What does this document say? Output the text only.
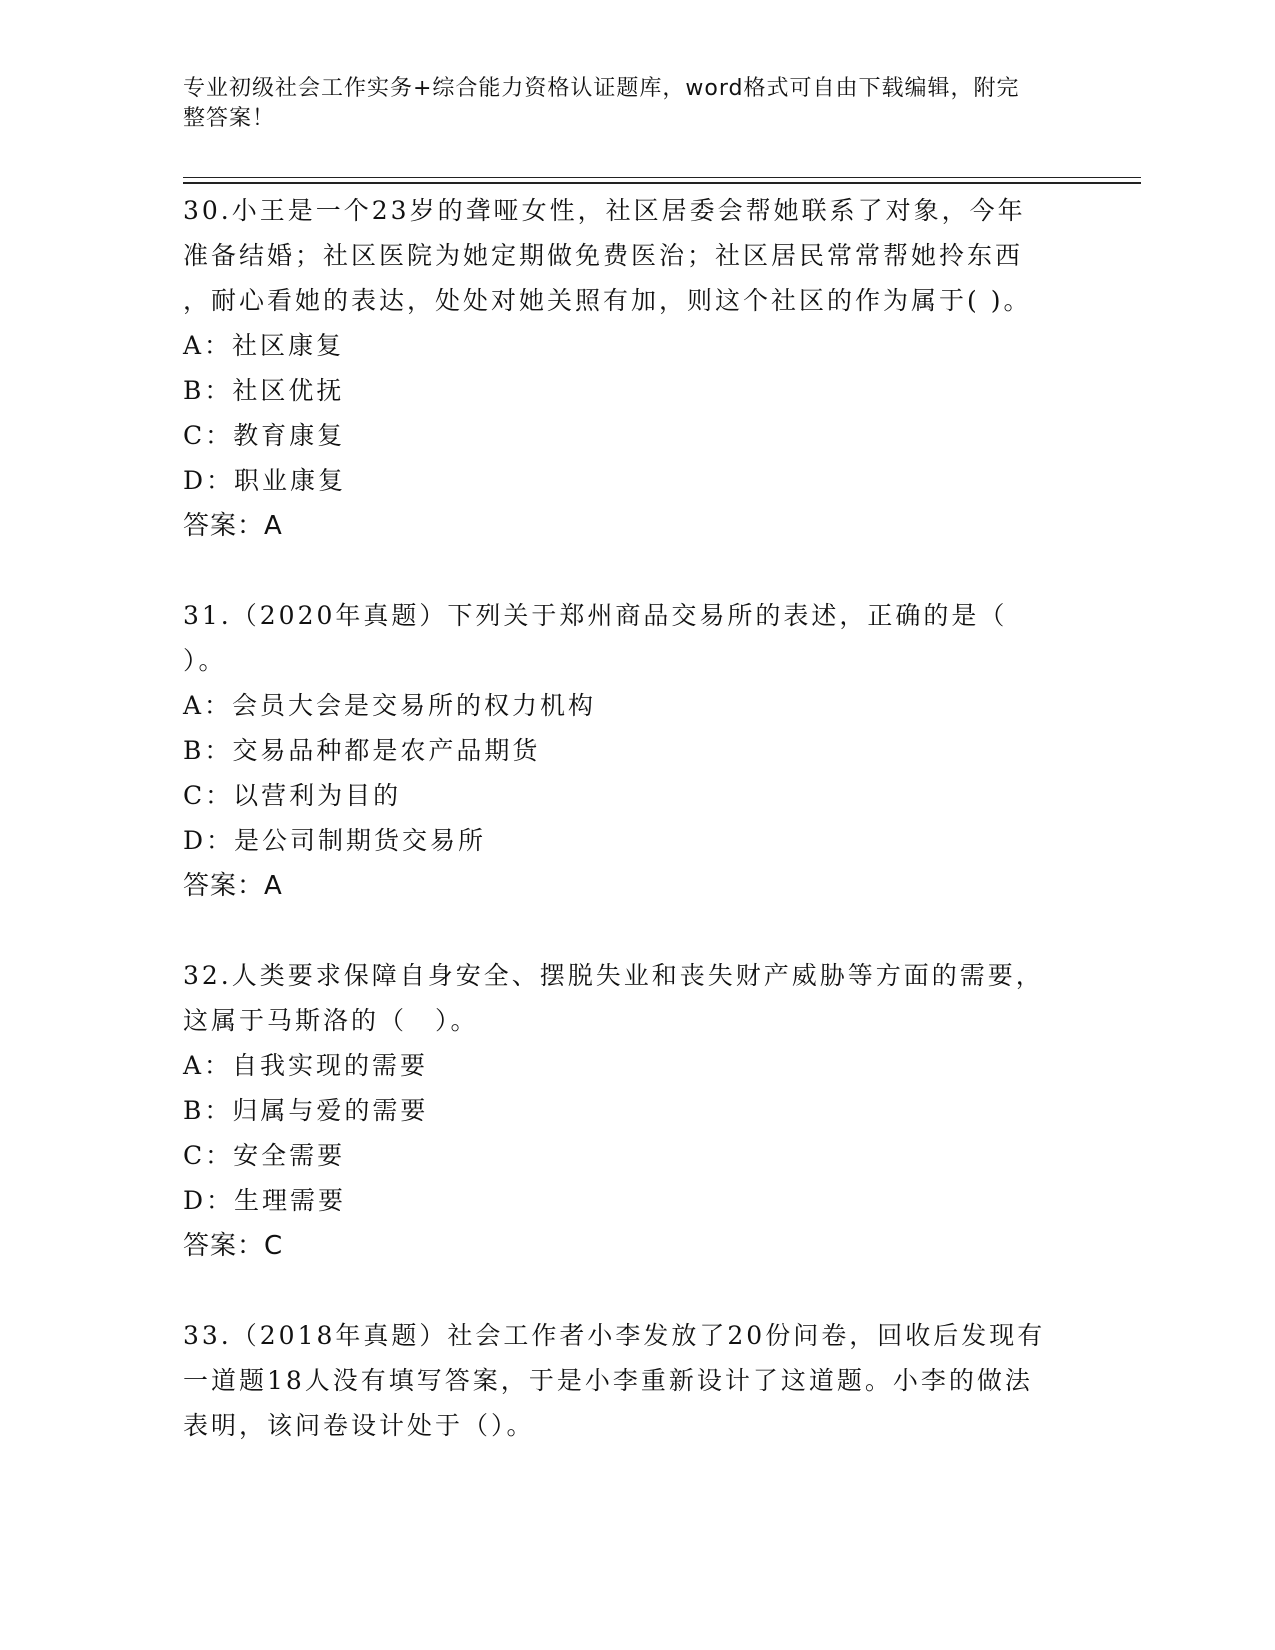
专业初级社会工作实务+综合能力资格认证题库，word格式可自由下载编辑，附完
整答案！

30.小王是一个23岁的聋哑女性，社区居委会帮她联系了对象，今年

准备结婚；社区医院为她定期做免费医治；社区居民常常帮她拎东西

，耐心看她的表达，处处对她关照有加，则这个社区的作为属于( )。

A：社区康复

B：社区优抚

C：教育康复

D：职业康复

答案：A

31.（2020年真题）下列关于郑州商品交易所的表述，正确的是（

）。

A：会员大会是交易所的权力机构

B：交易品种都是农产品期货

C：以营利为目的

D：是公司制期货交易所

答案：A

32.人类要求保障自身安全、摆脱失业和丧失财产威胁等方面的需要，

这属于马斯洛的（　）。

A：自我实现的需要

B：归属与爱的需要

C：安全需要

D：生理需要

答案：C

33.（2018年真题）社会工作者小李发放了20份问卷，回收后发现有

一道题18人没有填写答案，于是小李重新设计了这道题。小李的做法

表明，该问卷设计处于（）。
